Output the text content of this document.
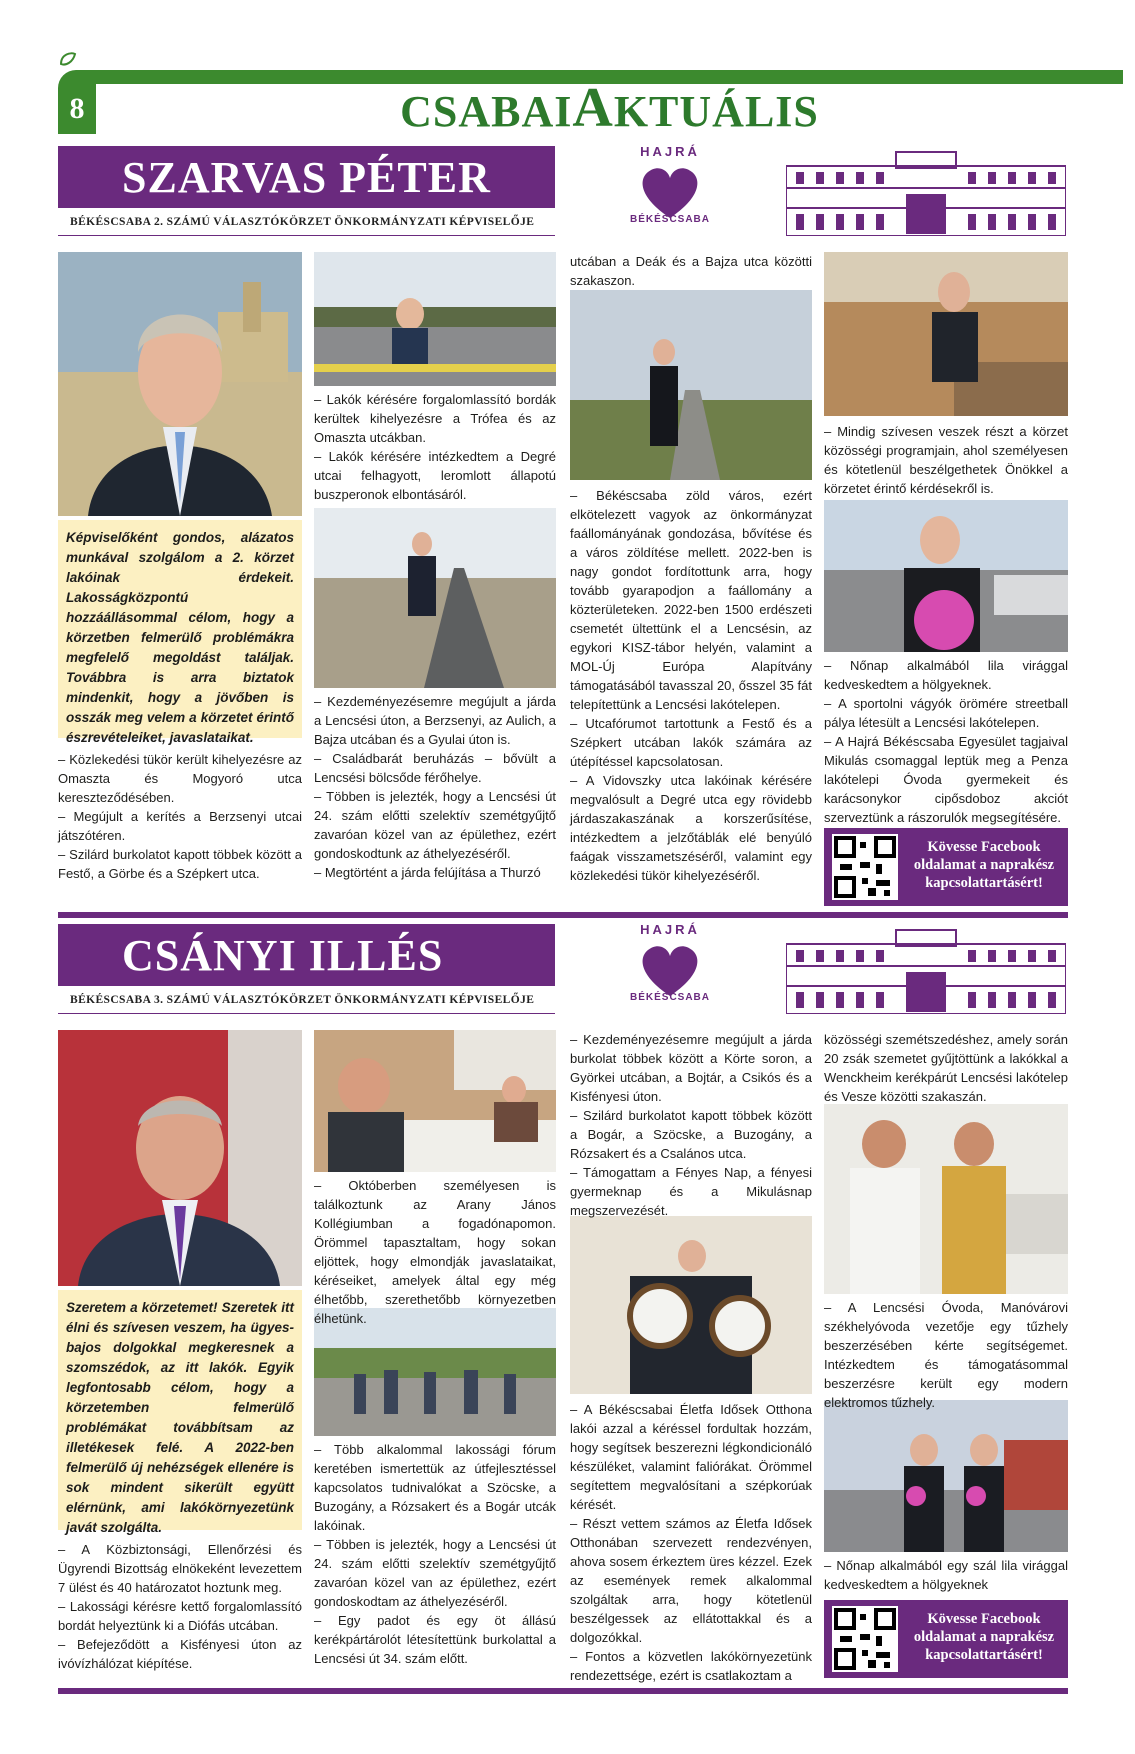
8	CSABAIAKTUÁLIS
SZARVAS PÉTER
BÉKÉSCSABA 2. SZÁMÚ VÁLASZTÓKÖRZET ÖNKORMÁNYZATI KÉPVISELŐJE
HAJRÁ
BÉKÉSCSABA
Képviselőként gondos, alázatos munkával szolgálom a 2. körzet lakóinak érdekeit. Lakosságközpontú hozzáállásommal célom, hogy a körzetben felmerülő problémákra megfelelő megoldást találjak. Továbbra is arra biztatok mindenkit, hogy a jövőben is osszák meg velem a körzetet érintő észrevételeiket, javaslataikat.

– Közlekedési tükör került kihelyezésre az Omaszta és Mogyoró utca kereszteződésében.

– Megújult a kerítés a Berzsenyi utcai játszótéren.

– Szilárd burkolatot kapott többek között a Festő, a Görbe és a Szépkert utca.

– Lakók kérésére forgalomlassító bordák kerültek kihelyezésre a Trófea és az Omaszta utcákban.

– Lakók kérésére intézkedtem a Degré utcai felhagyott, leromlott állapotú buszperonok elbontásáról.

– Kezdeményezésemre megújult a járda a Lencsési úton, a Berzsenyi, az Aulich, a Bajza utcában és a Gyulai úton is.

– Családbarát beruházás – bővült a Lencsési bölcsőde férőhelye.

– Többen is jelezték, hogy a Lencsési út 24. szám előtti szelektív szemétgyűjtő zavaróan közel van az épülethez, ezért gondoskodtunk az áthelyezéséről.

– Megtörtént a járda felújítása a Thurzó

utcában a Deák és a Bajza utca közötti szakaszon.

– Békéscsaba zöld város, ezért elkötelezett vagyok az önkormányzat faállományának gondozása, bővítése és a város zöldítése mellett. 2022-ben is nagy gondot fordítottunk arra, hogy tovább gyarapodjon a faállomány a közterületeken. 2022-ben 1500 erdészeti csemetét ültettünk el a Lencsésin, az egykori KISZ-tábor helyén, valamint a MOL-Új Európa Alapítvány támogatásából tavasszal 20, ősszel 35 fát telepítettünk a Lencsési lakótelepen.

– Utcafórumot tartottunk a Festő és a Szépkert utcában lakók számára az útépítéssel kapcsolatosan.

– A Vidovszky utca lakóinak kérésére megvalósult a Degré utca egy rövidebb járdaszakaszának a korszerűsítése, intézkedtem a jelzőtáblák elé benyúló faágak visszametszéséről, valamint egy közlekedési tükör kihelyezéséről.

– Mindig szívesen veszek részt a körzet közösségi programjain, ahol személyesen és kötetlenül beszélgethetek Önökkel a körzetet érintő kérdésekről is.

– Nőnap alkalmából lila virággal kedveskedtem a hölgyeknek.

– A sportolni vágyók örömére streetball pálya létesült a Lencsési lakótelepen.

– A Hajrá Békéscsaba Egyesület tagjaival Mikulás csomaggal leptük meg a Penza lakótelepi Óvoda gyermekeit és karácsonykor cipősdoboz akciót szerveztünk a rászorulók megsegítésére.

Kövesse Facebook oldalamat a naprakész kapcsolattartásért!
CSÁNYI ILLÉS
BÉKÉSCSABA 3. SZÁMÚ VÁLASZTÓKÖRZET ÖNKORMÁNYZATI KÉPVISELŐJE
HAJRÁ
BÉKÉSCSABA
Szeretem a körzetemet! Szeretek itt élni és szívesen veszem, ha ügyes-bajos dolgokkal megkeresnek a szomszédok, az itt lakók. Egyik legfontosabb célom, hogy a körzetemben felmerülő problémákat továbbítsam az illetékesek felé. A 2022-ben felmerülő új nehézségek ellenére is sok mindent sikerült együtt elérnünk, ami lakókörnyezetünk javát szolgálta.

– A Közbiztonsági, Ellenőrzési és Ügyrendi Bizottság elnökeként levezettem 7 ülést és 40 határozatot hoztunk meg.

– Lakossági kérésre kettő forgalomlassító bordát helyeztünk ki a Diófás utcában.

– Befejeződött a Kisfényesi úton az ivóvízhálózat kiépítése.

– Októberben személyesen is találkoztunk az Arany János Kollégiumban a fogadónapomon. Örömmel tapasztaltam, hogy sokan eljöttek, hogy elmondják javaslataikat, kéréseiket, amelyek által egy még élhetőbb, szerethetőbb környezetben élhetünk.

– Több alkalommal lakossági fórum keretében ismertettük az útfejlesztéssel kapcsolatos tudnivalókat a Szöcske, a Buzogány, a Rózsakert és a Bogár utcák lakóinak.

– Többen is jelezték, hogy a Lencsési út 24. szám előtti szelektív szemétgyűjtő zavaróan közel van az épülethez, ezért gondoskodtam az áthelyezéséről.

– Egy padot és egy öt állású kerékpártárolót létesítettünk burkolattal a Lencsési út 34. szám előtt.

– Kezdeményezésemre megújult a járda burkolat többek között a Körte soron, a Györkei utcában, a Bojtár, a Csikós és a Kisfényesi úton.

– Szilárd burkolatot kapott többek között a Bogár, a Szöcske, a Buzogány, a Rózsakert és a Csalános utca.

– Támogattam a Fényes Nap, a fényesi gyermeknap és a Mikulásnap megszervezését.

– A Békéscsabai Életfa Idősek Otthona lakói azzal a kéréssel fordultak hozzám, hogy segítsek beszerezni légkondicionáló készüléket, valamint faliórákat. Örömmel segítettem megvalósítani a szépkorúak kérését.

– Részt vettem számos az Életfa Idősek Otthonában szervezett rendezvényen, ahova sosem érkeztem üres kézzel. Ezek az események remek alkalommal szolgáltak arra, hogy kötetlenül beszélgessek az ellátottakkal és a dolgozókkal.

– Fontos a közvetlen lakókörnyezetünk rendezettsége, ezért is csatlakoztam a

közösségi szemétszedéshez, amely során 20 zsák szemetet gyűjtöttünk a lakókkal a Wenckheim kerékpárút Lencsési lakótelep és Vesze közötti szakaszán.

– A Lencsési Óvoda, Manóvárovi székhelyóvoda vezetője egy tűzhely beszerzésében kérte segítségemet. Intézkedtem és támogatásommal beszerzésre került egy modern elektromos tűzhely.

– Nőnap alkalmából egy szál lila virággal kedveskedtem a hölgyeknek

Kövesse Facebook oldalamat a naprakész kapcsolattartásért!
